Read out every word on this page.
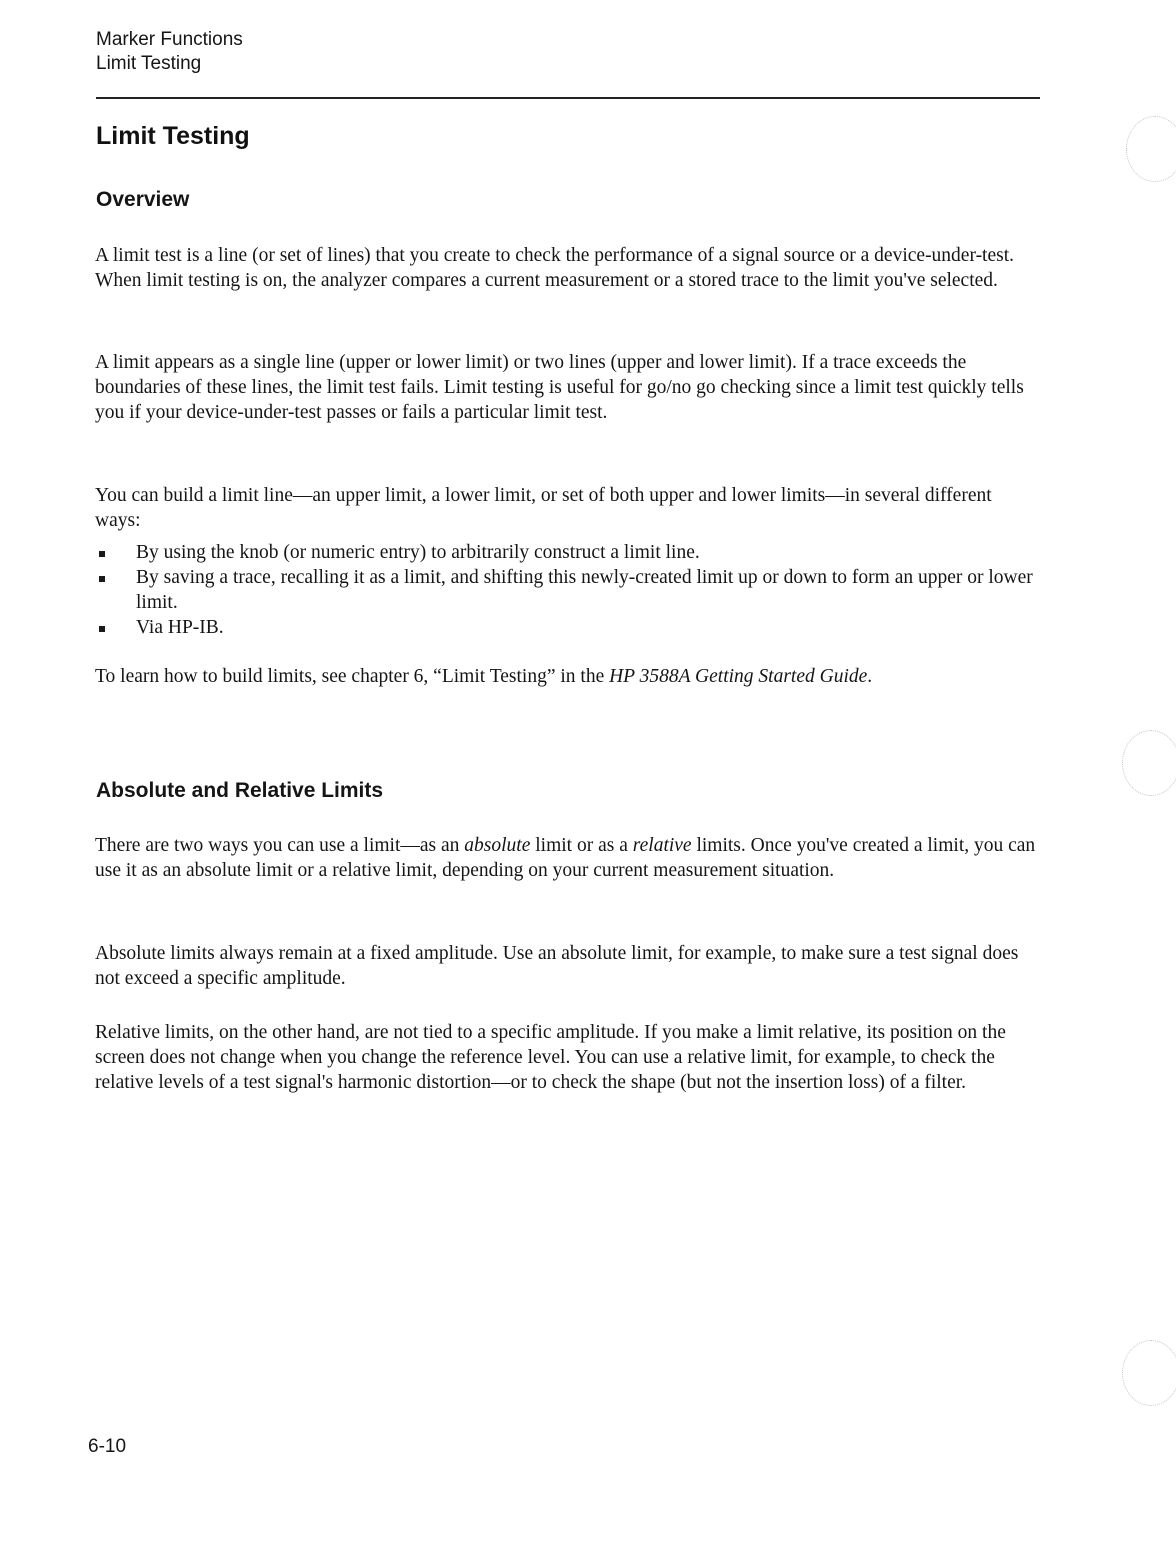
Marker Functions
Limit Testing
Limit Testing
Overview

A limit test is a line (or set of lines) that you create to check the performance of a signal source or a device-under-test. When limit testing is on, the analyzer compares a current measurement or a stored trace to the limit you've selected.

A limit appears as a single line (upper or lower limit) or two lines (upper and lower limit). If a trace exceeds the boundaries of these lines, the limit test fails. Limit testing is useful for go/no go checking since a limit test quickly tells you if your device-under-test passes or fails a particular limit test.

You can build a limit line—an upper limit, a lower limit, or set of both upper and lower limits—in several different ways:

By using the knob (or numeric entry) to arbitrarily construct a limit line.
By saving a trace, recalling it as a limit, and shifting this newly-created limit up or down to form an upper or lower limit.
Via HP-IB.

To learn how to build limits, see chapter 6, “Limit Testing” in the HP 3588A Getting Started Guide.

Absolute and Relative Limits

There are two ways you can use a limit—as an absolute limit or as a relative limits. Once you've created a limit, you can use it as an absolute limit or a relative limit, depending on your current measurement situation.

Absolute limits always remain at a fixed amplitude. Use an absolute limit, for example, to make sure a test signal does not exceed a specific amplitude.

Relative limits, on the other hand, are not tied to a specific amplitude. If you make a limit relative, its position on the screen does not change when you change the reference level. You can use a relative limit, for example, to check the relative levels of a test signal's harmonic distortion—or to check the shape (but not the insertion loss) of a filter.

6-10
